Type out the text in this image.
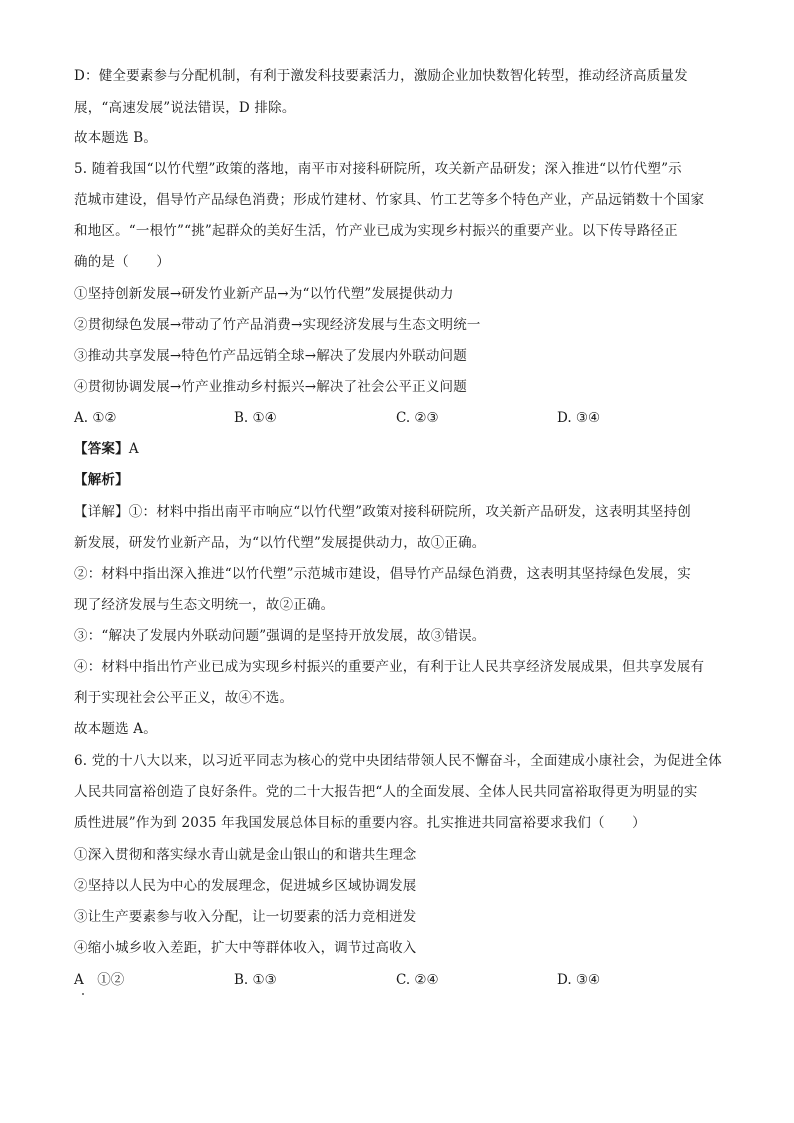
D：健全要素参与分配机制，有利于激发科技要素活力，激励企业加快数智化转型，推动经济高质量发
展，“高速发展”说法错误，D 排除。
故本题选 B。
5. 随着我国“以竹代塑”政策的落地，南平市对接科研院所，攻关新产品研发；深入推进“以竹代塑”示
范城市建设，倡导竹产品绿色消费；形成竹建材、竹家具、竹工艺等多个特色产业，产品远销数十个国家
和地区。“一根竹”“挑”起群众的美好生活，竹产业已成为实现乡村振兴的重要产业。以下传导路径正
确的是（　　）
①坚持创新发展→研发竹业新产品→为“以竹代塑”发展提供动力
②贯彻绿色发展→带动了竹产品消费→实现经济发展与生态文明统一
③推动共享发展→特色竹产品远销全球→解决了发展内外联动问题
④贯彻协调发展→竹产业推动乡村振兴→解决了社会公平正义问题
A. ①②	B. ①④	C. ②③	D. ③④
【答案】A
【解析】
【详解】①：材料中指出南平市响应“以竹代塑”政策对接科研院所，攻关新产品研发，这表明其坚持创
新发展，研发竹业新产品，为“以竹代塑”发展提供动力，故①正确。
②：材料中指出深入推进“以竹代塑”示范城市建设，倡导竹产品绿色消费，这表明其坚持绿色发展，实
现了经济发展与生态文明统一，故②正确。
③：“解决了发展内外联动问题”强调的是坚持开放发展，故③错误。
④：材料中指出竹产业已成为实现乡村振兴的重要产业，有利于让人民共享经济发展成果，但共享发展有
利于实现社会公平正义，故④不选。
故本题选 A。
6. 党的十八大以来，以习近平同志为核心的党中央团结带领人民不懈奋斗，全面建成小康社会，为促进全体
人民共同富裕创造了良好条件。党的二十大报告把“人的全面发展、全体人民共同富裕取得更为明显的实
质性进展”作为到 2035 年我国发展总体目标的重要内容。扎实推进共同富裕要求我们（　　）
①深入贯彻和落实绿水青山就是金山银山的和谐共生理念
②坚持以人民为中心的发展理念，促进城乡区域协调发展
③让生产要素参与收入分配，让一切要素的活力竞相迸发
④缩小城乡收入差距，扩大中等群体收入，调节过高收入
A　①②	B. ①③	C. ②④	D. ③④
